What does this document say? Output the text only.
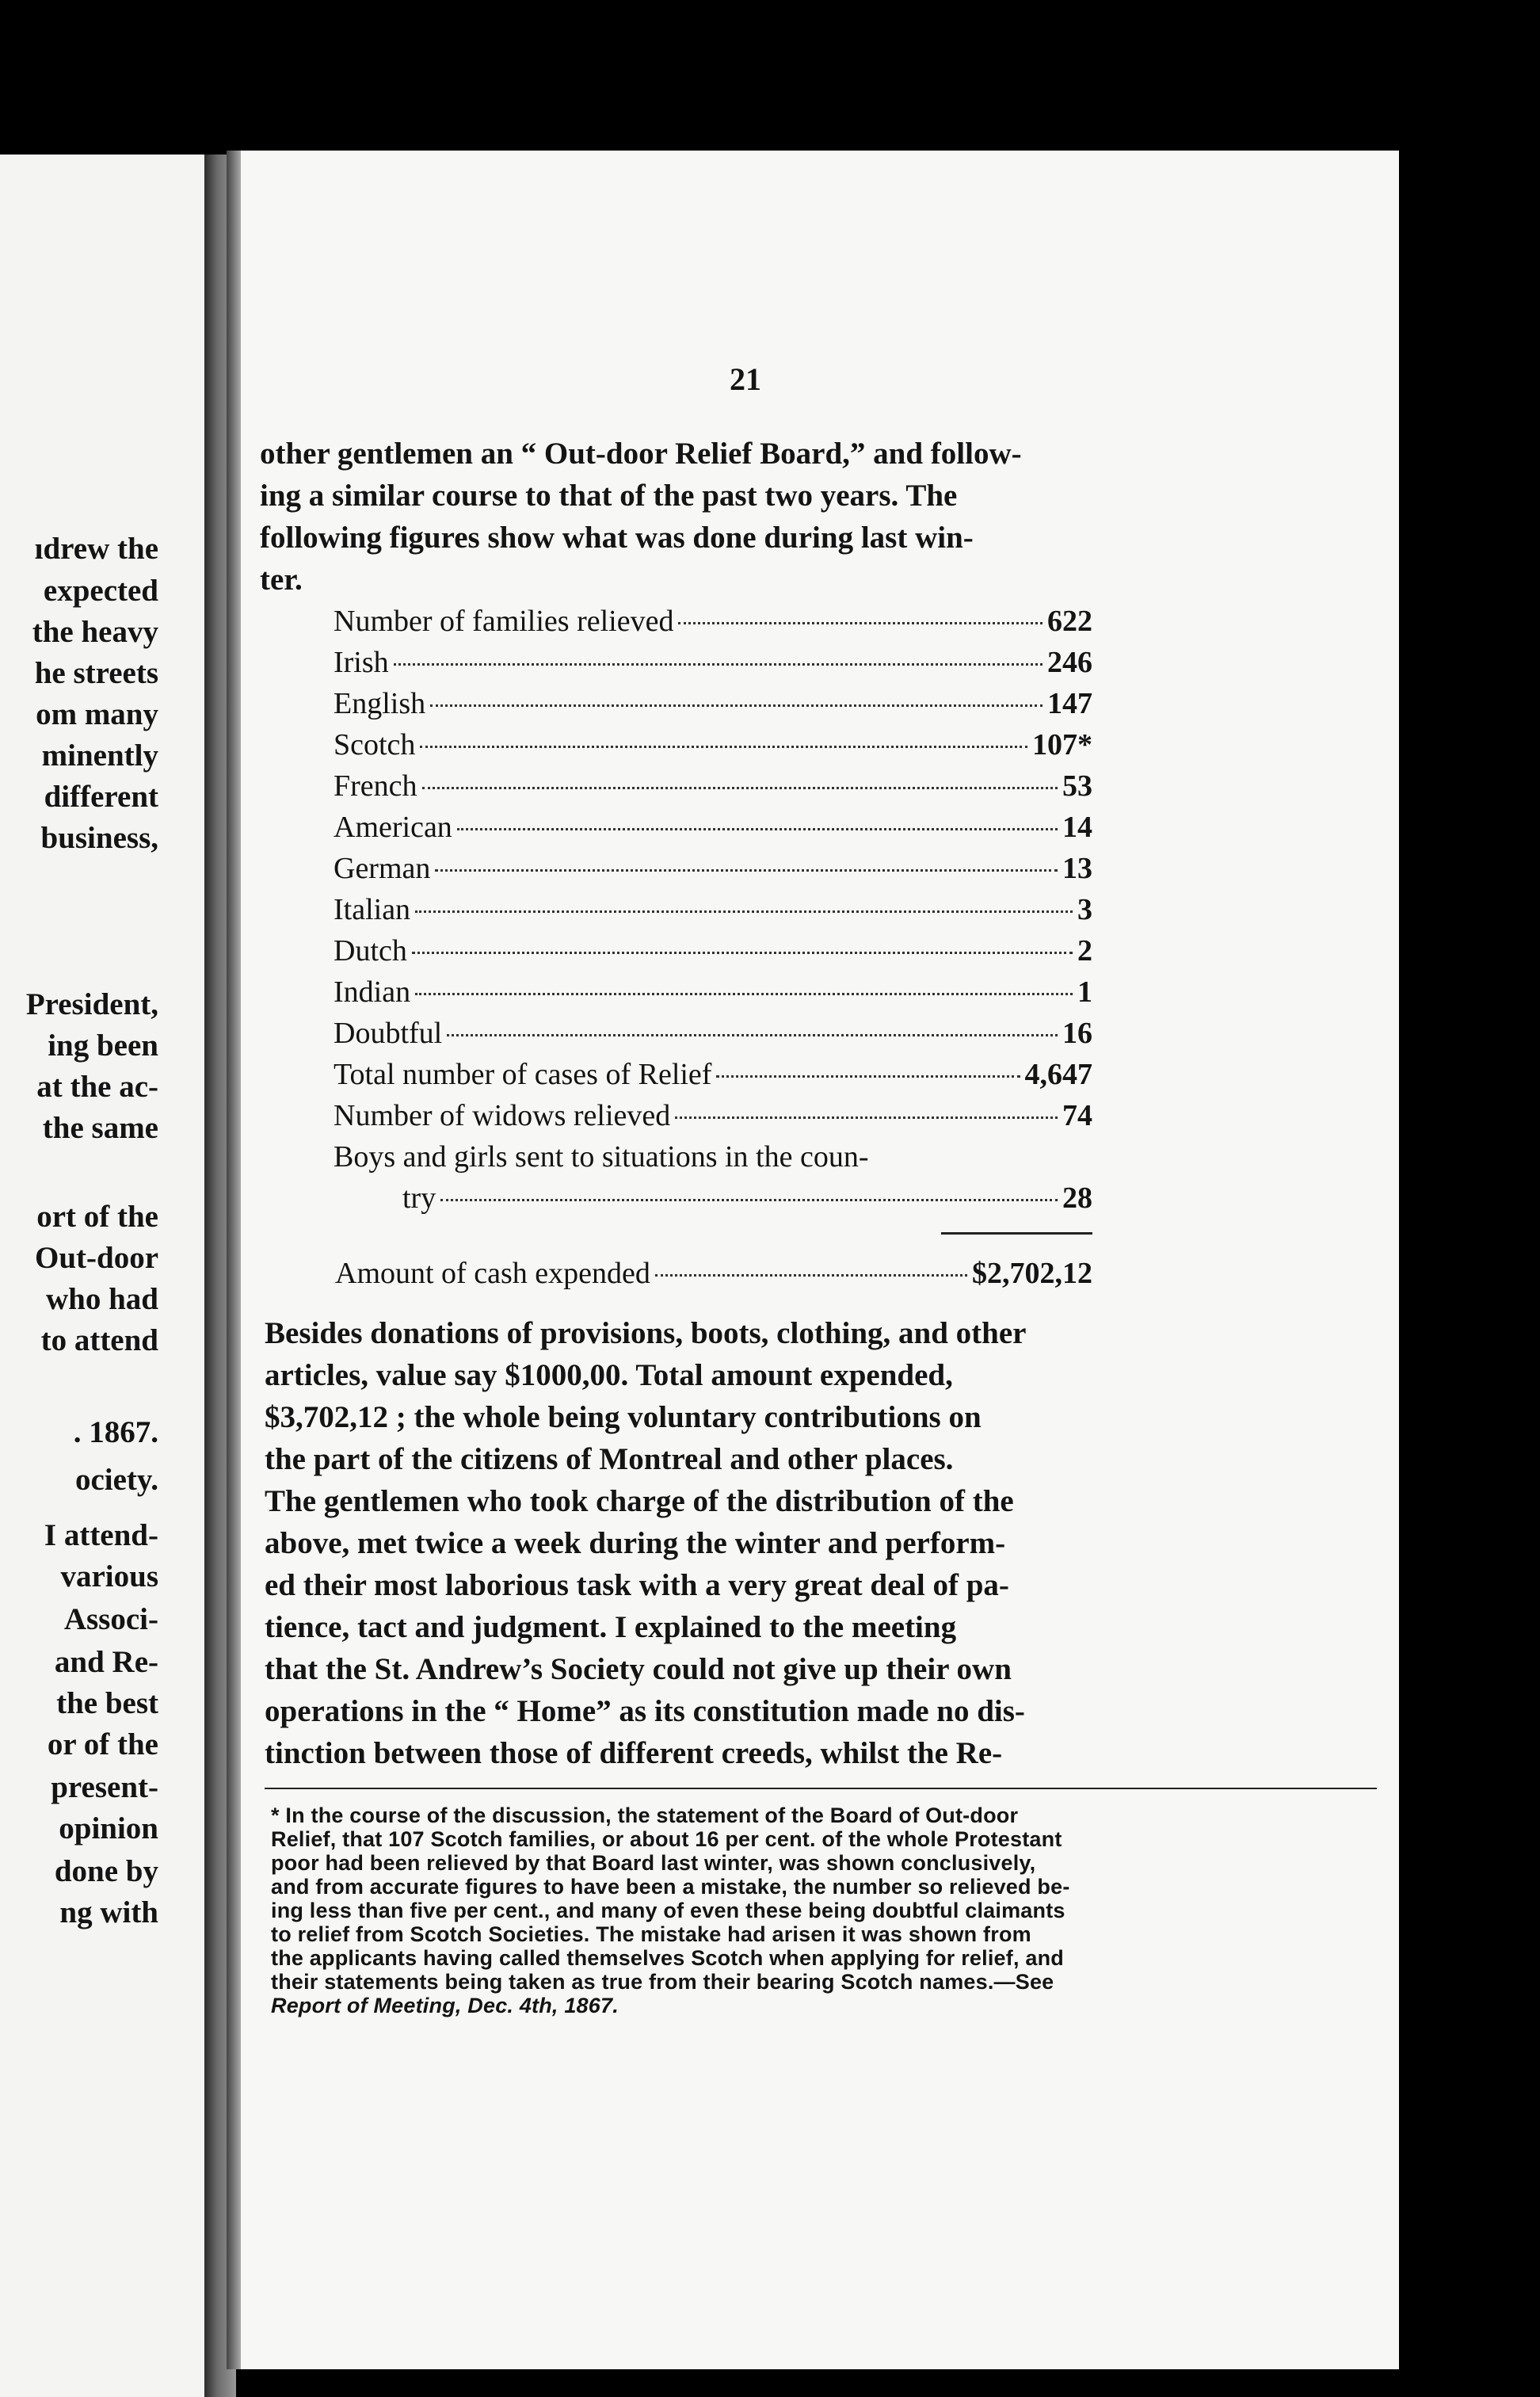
ıdrew the
expected
the heavy
he streets
om many
minently
different
business,
President,
ing been
at the ac-
the same
ort of the
Out-door
who had
to attend
. 1867.
ociety.
I attend-
various
Associ-
and Re-
the best
or of the
present-
opinion
done by
ng with
21
other gentlemen an “ Out-door Relief Board,” and follow-
ing a similar course to that of the past two years. The
following figures show what was done during last win-
ter.
Number of families relieved	622
Irish	246
English	147
Scotch	107*
French	53
American	14
German	13
Italian	3
Dutch	2
Indian	1
Doubtful	16
Total number of cases of Relief	4,647
Number of widows relieved	74
Boys and girls sent to situations in the coun-
try	28
Amount of cash expended	$2,702,12
Besides donations of provisions, boots, clothing, and other
articles, value say $1000,00. Total amount expended,
$3,702,12 ; the whole being voluntary contributions on
the part of the citizens of Montreal and other places.
The gentlemen who took charge of the distribution of the
above, met twice a week during the winter and perform-
ed their most laborious task with a very great deal of pa-
tience, tact and judgment. I explained to the meeting
that the St. Andrew’s Society could not give up their own
operations in the “ Home” as its constitution made no dis-
tinction between those of different creeds, whilst the Re-
* In the course of the discussion, the statement of the Board of Out-door
Relief, that 107 Scotch families, or about 16 per cent. of the whole Protestant
poor had been relieved by that Board last winter, was shown conclusively,
and from accurate figures to have been a mistake, the number so relieved be-
ing less than five per cent., and many of even these being doubtful claimants
to relief from Scotch Societies. The mistake had arisen it was shown from
the applicants having called themselves Scotch when applying for relief, and
their statements being taken as true from their bearing Scotch names.—See
Report of Meeting, Dec. 4th, 1867.
